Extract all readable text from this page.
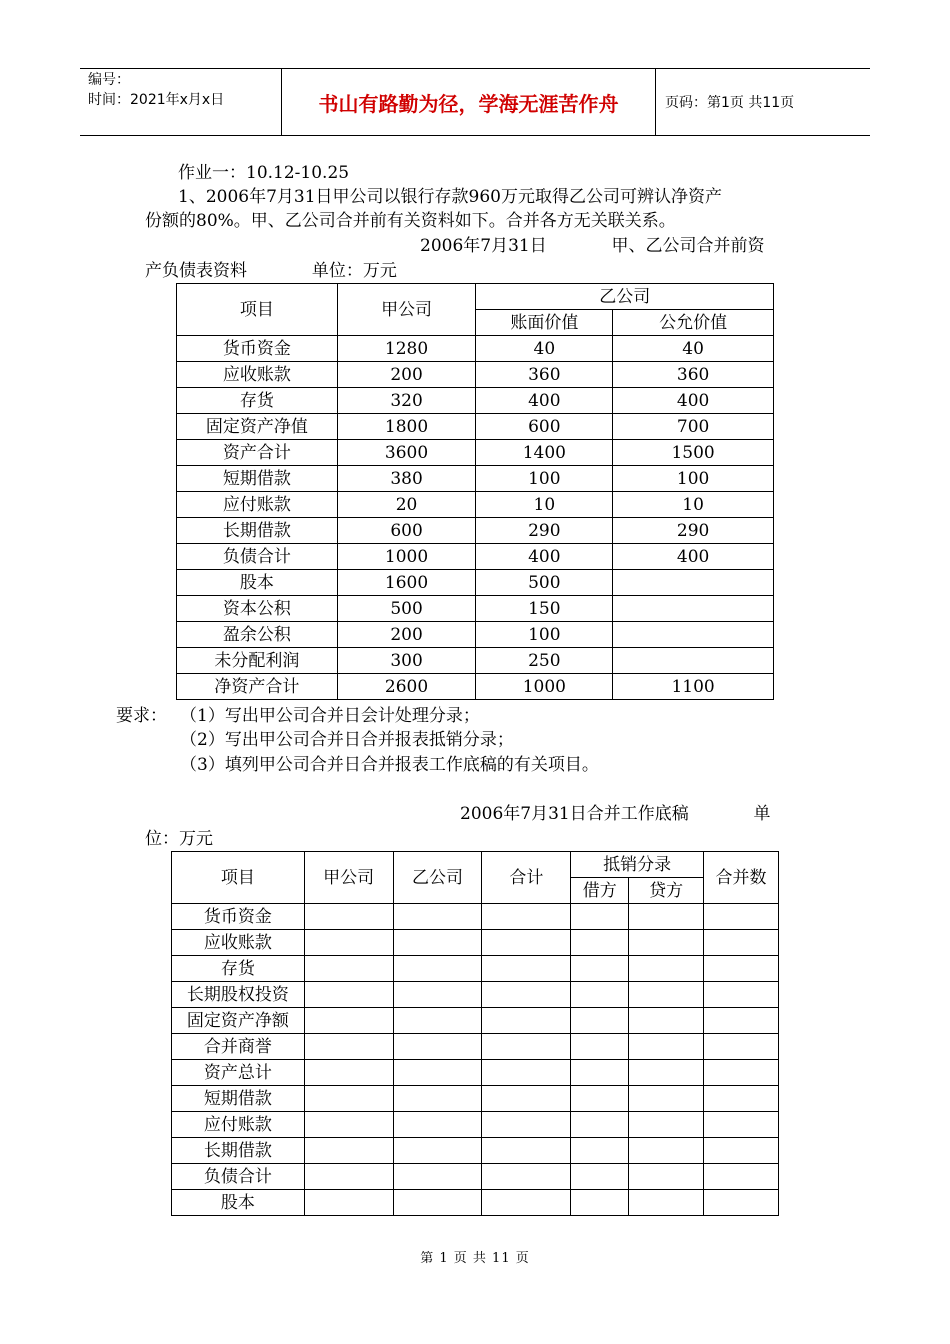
编号：
时间：2021年x月x日	书山有路勤为径，学海无涯苦作舟	页码：第1页 共11页
作业一：10.12-10.25
1、2006年7月31日甲公司以银行存款960万元取得乙公司可辨认净资产
份额的80%。甲、乙公司合并前有关资料如下。合并各方无关联关系。
2006年7月31日            甲、乙公司合并前资
产负债表资料            单位：万元
项目	甲公司	乙公司	
		账面价值	公允价值
货币资金	1280	40	40
应收账款	200	360	360
存货	320	400	400
固定资产净值	1800	600	700
资产合计	3600	1400	1500
短期借款	380	100	100
应付账款	20	10	10
长期借款	600	290	290
负债合计	1000	400	400
股本	1600	500	
资本公积	500	150	
盈余公积	200	100	
未分配利润	300	250	
净资产合计	2600	1000	1100
要求： （1）写出甲公司合并日会计处理分录；
（2）写出甲公司合并日合并报表抵销分录；
（3）填列甲公司合并日合并报表工作底稿的有关项目。
2006年7月31日合并工作底稿            单
位：万元
项目	甲公司	乙公司	合计	抵销分录		合并数
				借方	贷方	
货币资金						
应收账款						
存货						
长期股权投资						
固定资产净额						
合并商誉						
资产总计						
短期借款						
应付账款						
长期借款						
负债合计						
股本						
第 1 页 共 11 页
